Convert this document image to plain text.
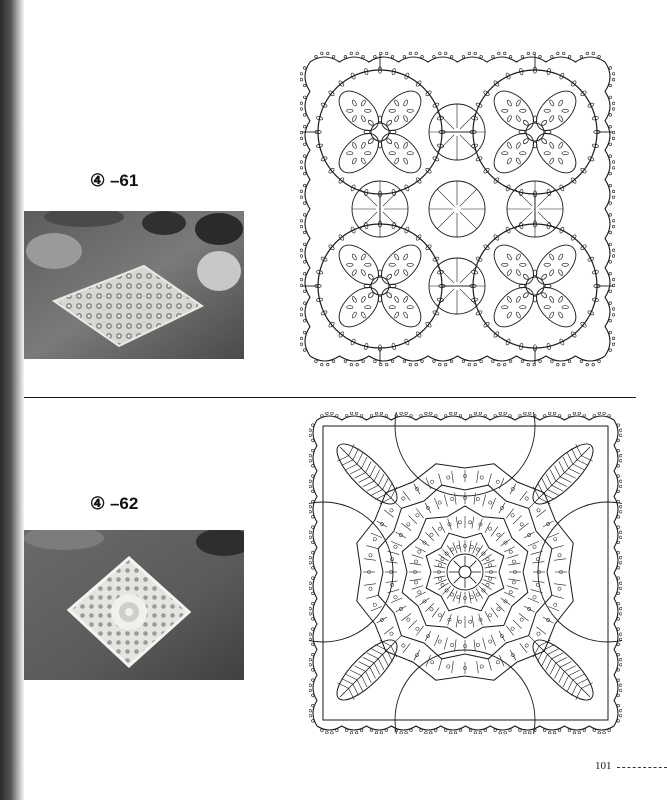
④ –61
④ –62
101
